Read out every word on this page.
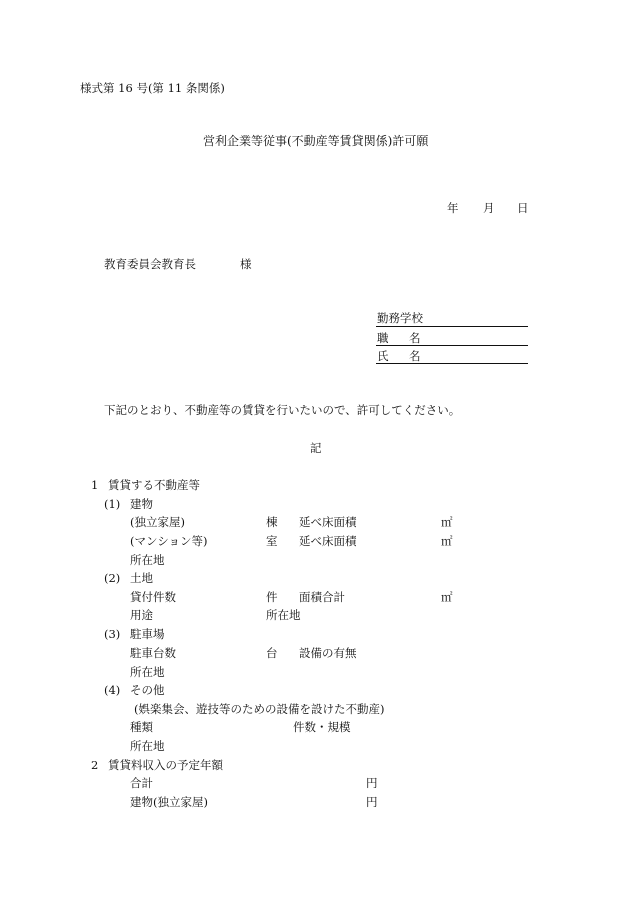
様式第 16 号(第 11 条関係)
営利企業等従事(不動産等賃貸関係)許可願
年 月 日
教育委員会教育長	様
勤務学校
職 名
氏 名
下記のとおり、不動産等の賃貸を行いたいので、許可してください。
記
1 賃貸する不動産等
(1) 建物
(独立家屋)	棟 延べ床面積	㎡
(マンション等)	室 延べ床面積	㎡
所在地
(2) 土地
貸付件数	件 面積合計	㎡
用途	所在地
(3) 駐車場
駐車台数	台 設備の有無
所在地
(4) その他
(娯楽集会、遊技等のための設備を設けた不動産)
種類	件数・規模
所在地
2 賃貸料収入の予定年額
合計	円
建物(独立家屋)	円
